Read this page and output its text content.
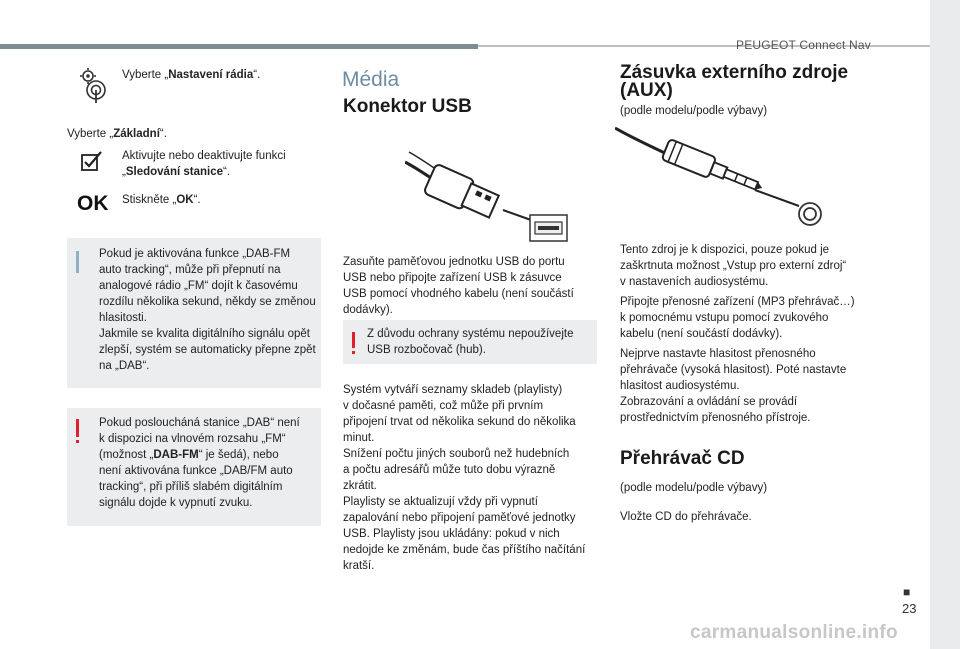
PEUGEOT Connect Nav
Vyberte „Nastavení rádia“.
Vyberte „Základní“.
Aktivujte nebo deaktivujte funkci
„Sledování stanice“.
OK Stiskněte „OK“.
Pokud je aktivována funkce „DAB-FM
auto tracking“, může při přepnutí na
analogové rádio „FM“ dojít k časovému
rozdílu několika sekund, někdy se změnou
hlasitosti.
Jakmile se kvalita digitálního signálu opět
zlepší, systém se automaticky přepne zpět
na „DAB“.
Pokud posloucháná stanice „DAB“ není
k dispozici na vlnovém rozsahu „FM“
(možnost „DAB-FM“ je šedá), nebo
není aktivována funkce „DAB/FM auto
tracking“, při příliš slabém digitálním
signálu dojde k vypnutí zvuku.
Média
Konektor USB
Zasuňte paměťovou jednotku USB do portu
USB nebo připojte zařízení USB k zásuvce
USB pomocí vhodného kabelu (není součástí
dodávky).
Z důvodu ochrany systému nepoužívejte
USB rozbočovač (hub).
Systém vytváří seznamy skladeb (playlisty)
v dočasné paměti, což může při prvním
připojení trvat od několika sekund do několika
minut.
Snížení počtu jiných souborů než hudebních
a počtu adresářů může tuto dobu výrazně
zkrátit.
Playlisty se aktualizují vždy při vypnutí
zapalování nebo připojení paměťové jednotky
USB. Playlisty jsou ukládány: pokud v nich
nedojde ke změnám, bude čas příštího načítání
kratší.
Zásuvka externího zdroje
(AUX)
(podle modelu/podle výbavy)
Tento zdroj je k dispozici, pouze pokud je
zaškrtnuta možnost „Vstup pro externí zdroj“
v nastaveních audiosystému.
Připojte přenosné zařízení (MP3 přehrávač…)
k pomocnému vstupu pomocí zvukového
kabelu (není součástí dodávky).
Nejprve nastavte hlasitost přenosného
přehrávače (vysoká hlasitost). Poté nastavte
hlasitost audiosystému.
Zobrazování a ovládání se provádí
prostřednictvím přenosného přístroje.
Přehrávač CD
(podle modelu/podle výbavy)
Vložte CD do přehrávače.
■
23
carmanualsonline.info
